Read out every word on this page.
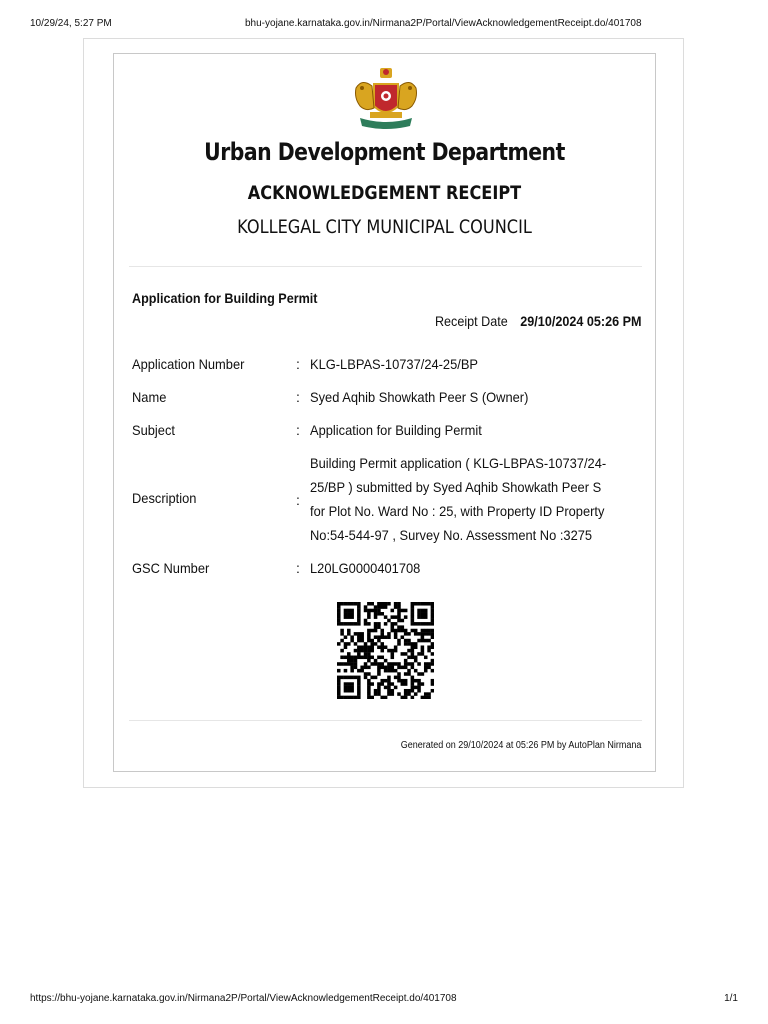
10/29/24, 5:27 PM	bhu-yojane.karnataka.gov.in/Nirmana2P/Portal/ViewAcknowledgementReceipt.do/401708
Urban Development Department
ACKNOWLEDGEMENT RECEIPT
KOLLEGAL CITY MUNICIPAL COUNCIL
Application for Building Permit
Receipt Date 29/10/2024 05:26 PM
Application Number	: KLG-LBPAS-10737/24-25/BP
Name	: Syed Aqhib Showkath Peer S (Owner)
Subject	: Application for Building Permit
Description	:
Building Permit application ( KLG-LBPAS-10737/24-
25/BP ) submitted by Syed Aqhib Showkath Peer S
for Plot No. Ward No : 25, with Property ID Property
No:54-544-97 , Survey No. Assessment No :3275
GSC Number	: L20LG0000401708
Generated on 29/10/2024 at 05:26 PM by AutoPlan Nirmana
https://bhu-yojane.karnataka.gov.in/Nirmana2P/Portal/ViewAcknowledgementReceipt.do/401708	1/1
